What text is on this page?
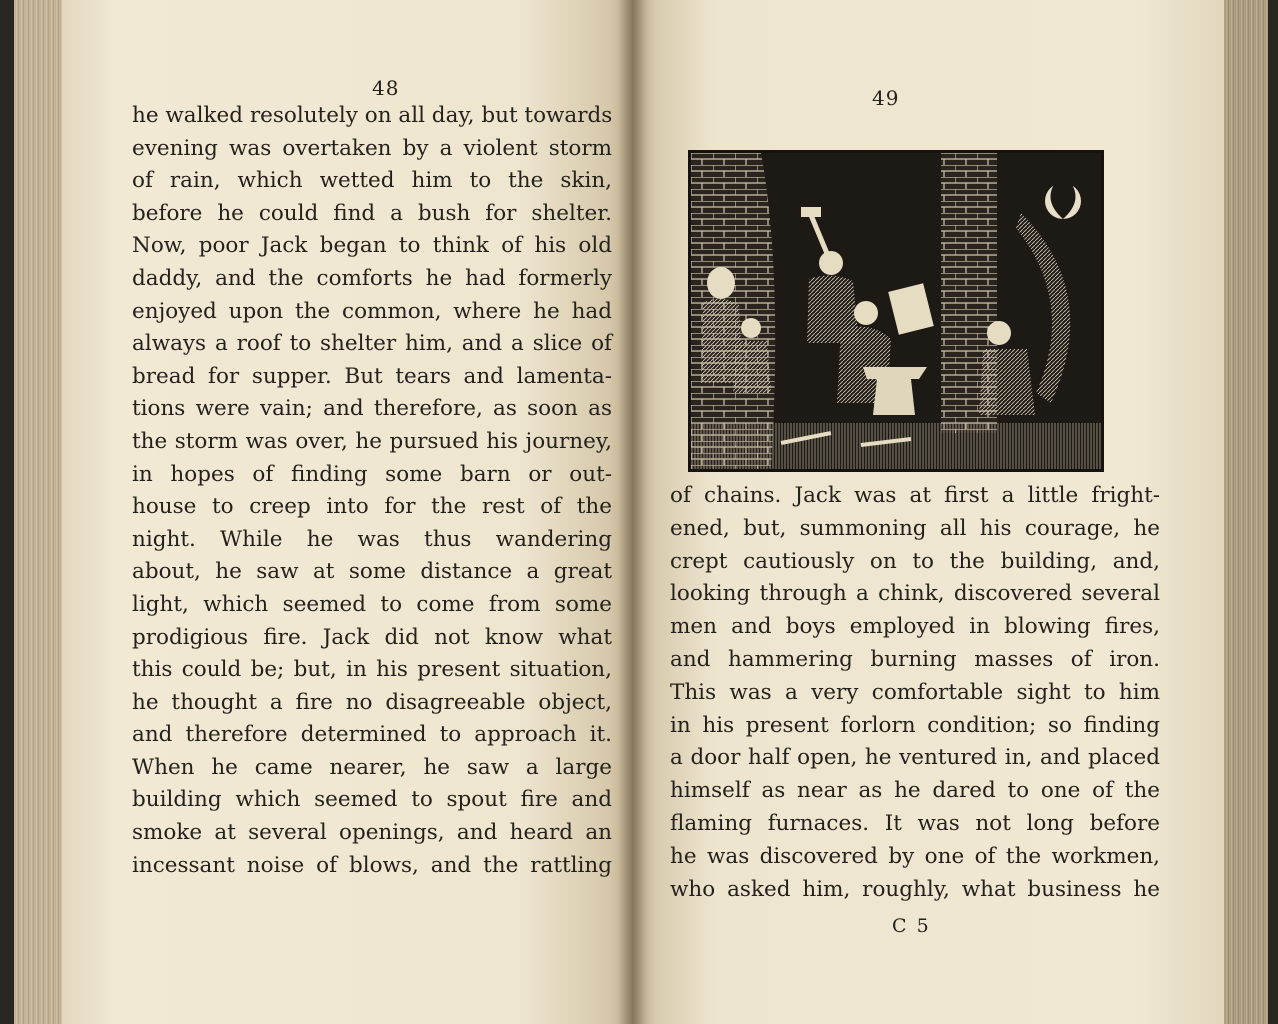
48
he walked resolutely on all day, but towards
evening was overtaken by a violent storm
of rain, which wetted him to the skin,
before he could find a bush for shelter.
Now, poor Jack began to think of his old
daddy, and the comforts he had formerly
enjoyed upon the common, where he had
always a roof to shelter him, and a slice of
bread for supper. But tears and lamenta-
tions were vain; and therefore, as soon as
the storm was over, he pursued his journey,
in hopes of finding some barn or out-
house to creep into for the rest of the
night. While he was thus wandering
about, he saw at some distance a great
light, which seemed to come from some
prodigious fire. Jack did not know what
this could be; but, in his present situation,
he thought a fire no disagreeable object,
and therefore determined to approach it.
When he came nearer, he saw a large
building which seemed to spout fire and
smoke at several openings, and heard an
incessant noise of blows, and the rattling
49
of chains. Jack was at first a little fright-
ened, but, summoning all his courage, he
crept cautiously on to the building, and,
looking through a chink, discovered several
men and boys employed in blowing fires,
and hammering burning masses of iron.
This was a very comfortable sight to him
in his present forlorn condition; so finding
a door half open, he ventured in, and placed
himself as near as he dared to one of the
flaming furnaces. It was not long before
he was discovered by one of the workmen,
who asked him, roughly, what business he
C 5
